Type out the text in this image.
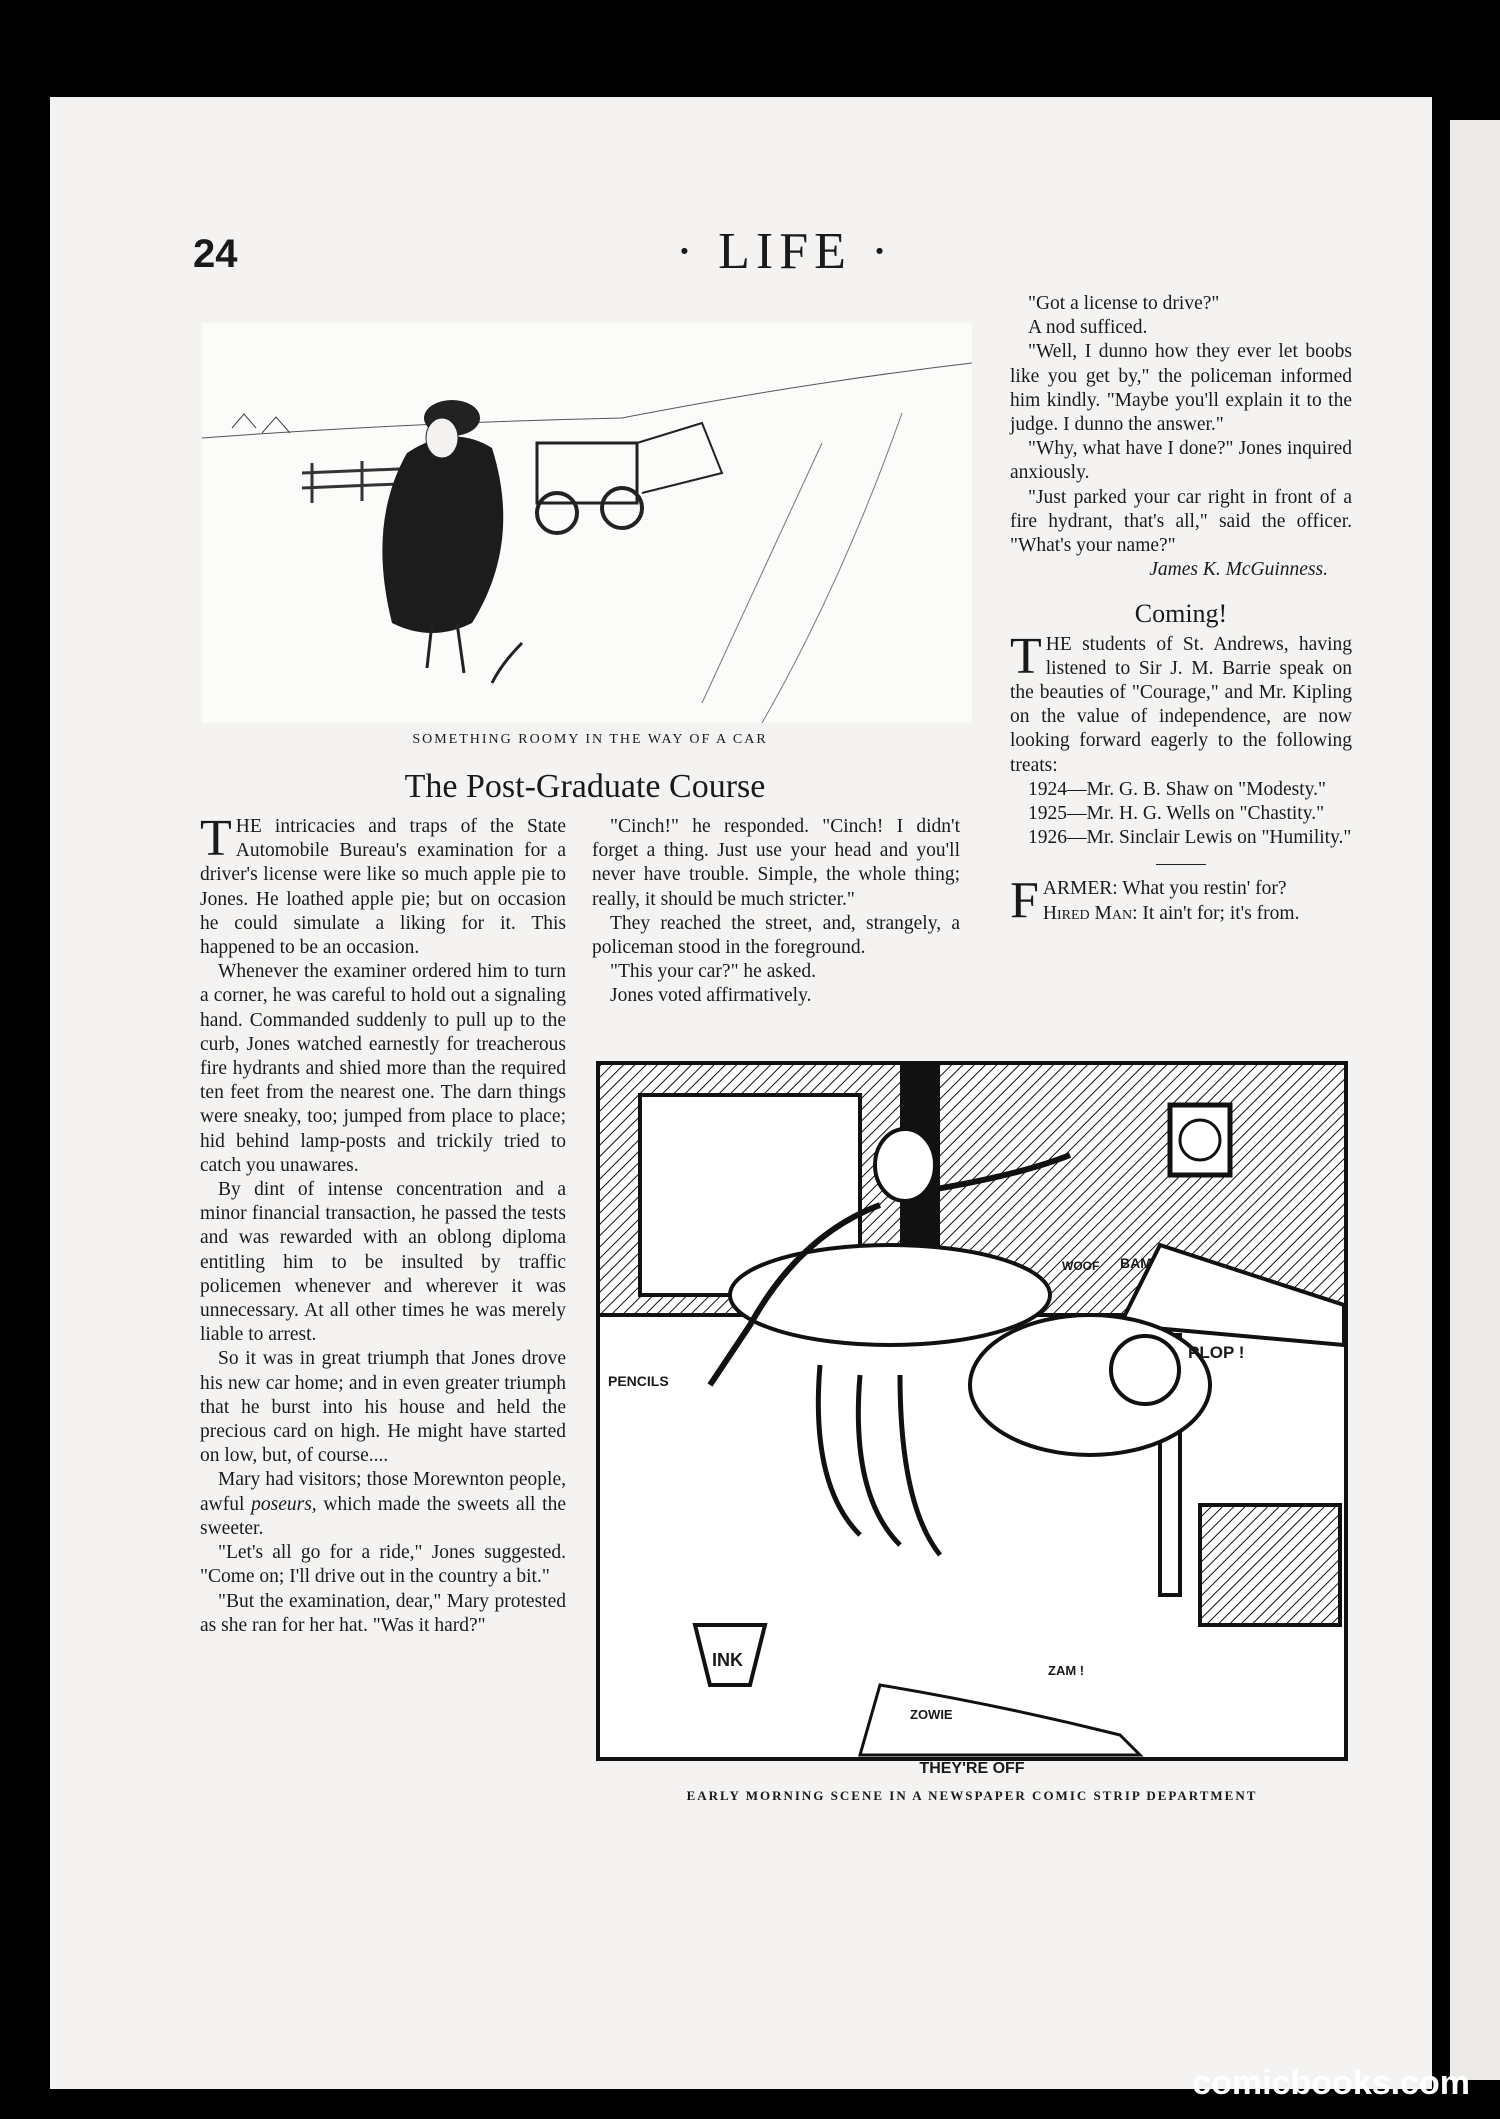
24	· LIFE ·
SOMETHING ROOMY IN THE WAY OF A CAR
The Post-Graduate Course

THE intricacies and traps of the State Automobile Bureau's examination for a driver's license were like so much apple pie to Jones. He loathed apple pie; but on occasion he could simulate a liking for it. This happened to be an occasion.

Whenever the examiner ordered him to turn a corner, he was careful to hold out a signaling hand. Commanded suddenly to pull up to the curb, Jones watched earnestly for treacherous fire hydrants and shied more than the required ten feet from the nearest one. The darn things were sneaky, too; jumped from place to place; hid behind lamp-posts and trickily tried to catch you unawares.

By dint of intense concentration and a minor financial transaction, he passed the tests and was rewarded with an oblong diploma entitling him to be insulted by traffic policemen whenever and wherever it was unnecessary. At all other times he was merely liable to arrest.

So it was in great triumph that Jones drove his new car home; and in even greater triumph that he burst into his house and held the precious card on high. He might have started on low, but, of course....

Mary had visitors; those Morewnton people, awful poseurs, which made the sweets all the sweeter.

"Let's all go for a ride," Jones suggested. "Come on; I'll drive out in the country a bit."

"But the examination, dear," Mary protested as she ran for her hat. "Was it hard?"

"Cinch!" he responded. "Cinch! I didn't forget a thing. Just use your head and you'll never have trouble. Simple, the whole thing; really, it should be much stricter."

They reached the street, and, strangely, a policeman stood in the foreground.

"This your car?" he asked.

Jones voted affirmatively.

"Got a license to drive?"

A nod sufficed.

"Well, I dunno how they ever let boobs like you get by," the policeman informed him kindly. "Maybe you'll explain it to the judge. I dunno the answer."

"Why, what have I done?" Jones inquired anxiously.

"Just parked your car right in front of a fire hydrant, that's all," said the officer. "What's your name?"

James K. McGuinness.

Coming!

THE students of St. Andrews, having listened to Sir J. M. Barrie speak on the beauties of "Courage," and Mr. Kipling on the value of independence, are now looking forward eagerly to the following treats:

1924—Mr. G. B. Shaw on "Modesty."

1925—Mr. H. G. Wells on "Chastity."

1926—Mr. Sinclair Lewis on "Humility."

FARMER: What you restin' for?

Hired Man: It ain't for; it's from.

PENCILS
WOOF BAM
PLOP !
INK
ZAM !
ZOWIE
THEY'RE OFF
EARLY MORNING SCENE IN A NEWSPAPER COMIC STRIP DEPARTMENT
comicbooks.com
